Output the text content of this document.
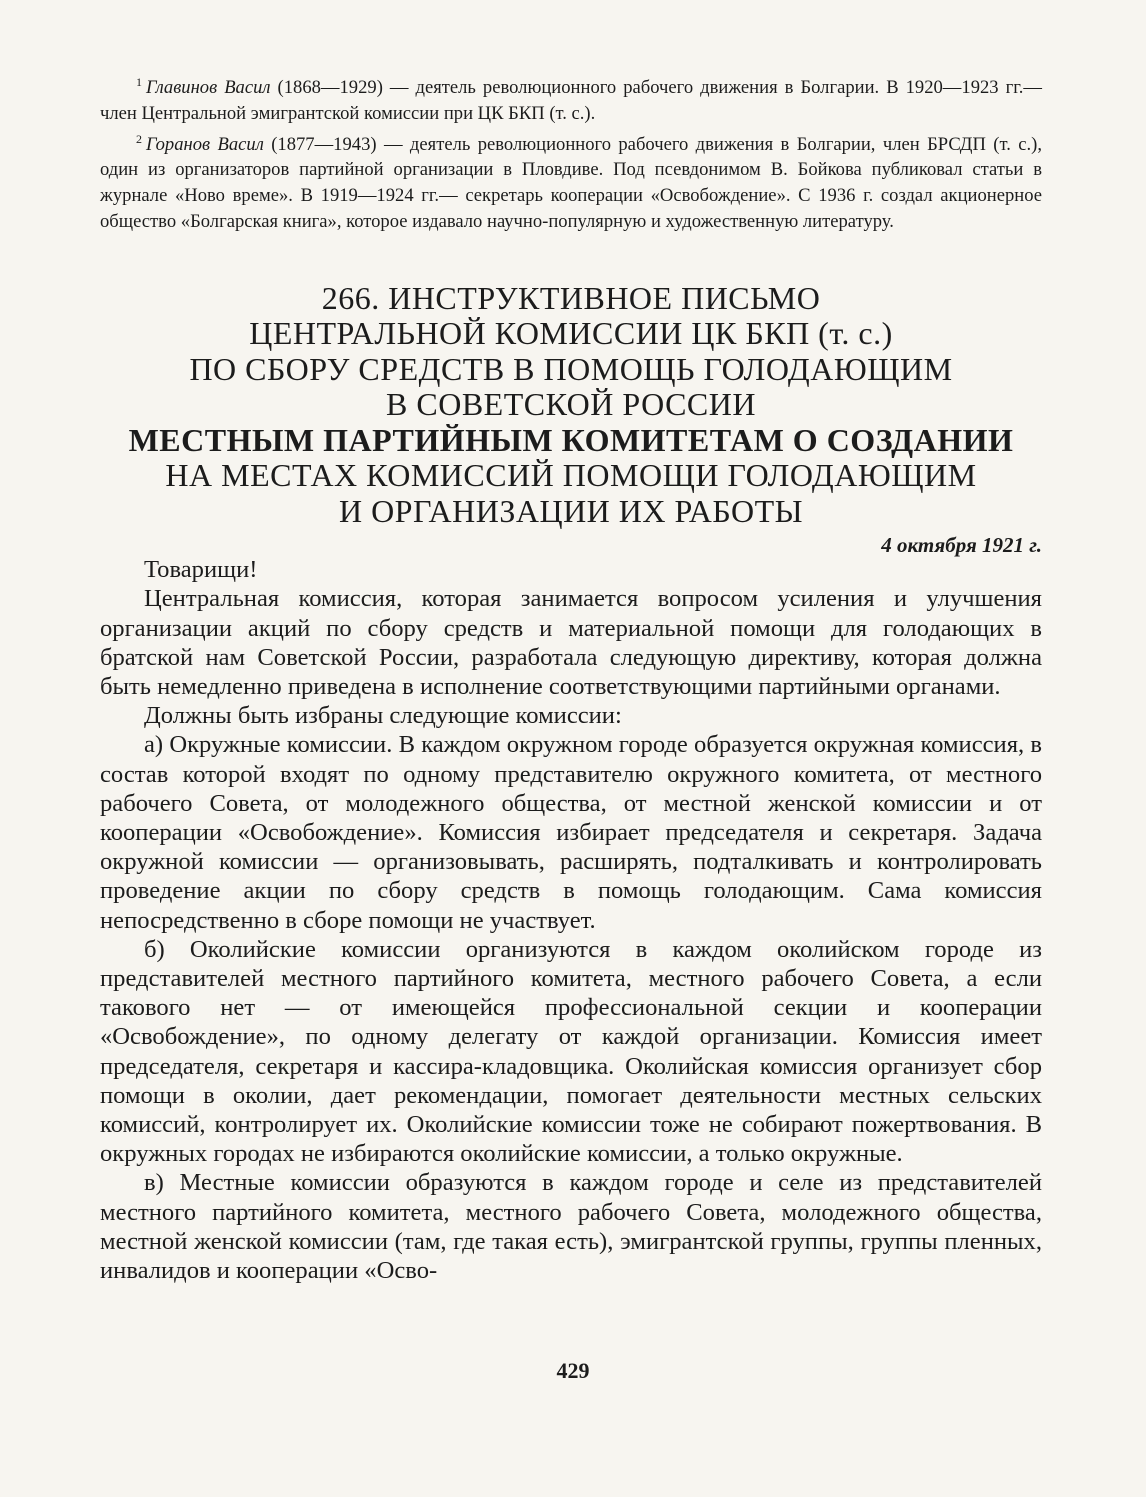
$^1$ Главинов Васил (1868—1929) — деятель революционного рабочего движения в Болгарии. В 1920—1923 гг.— член Центральной эмигрантской комиссии при ЦК БКП (т. с.).

$^2$ Горанов Васил (1877—1943) — деятель революционного рабочего движения в Болгарии, член БРСДП (т. с.), один из организаторов партийной организации в Пловдиве. Под псевдонимом В. Бойкова публиковал статьи в журнале «Ново време». В 1919—1924 гг.— секретарь кооперации «Освобождение». С 1936 г. создал акционерное общество «Болгарская книга», которое издавало научно-популярную и художественную литературу.

266. ИНСТРУКТИВНОЕ ПИСЬМО
ЦЕНТРАЛЬНОЙ КОМИССИИ ЦК БКП (т. с.)
ПО СБОРУ СРЕДСТВ В ПОМОЩЬ ГОЛОДАЮЩИМ
В СОВЕТСКОЙ РОССИИ
МЕСТНЫМ ПАРТИЙНЫМ КОМИТЕТАМ О СОЗДАНИИ
НА МЕСТАХ КОМИССИЙ ПОМОЩИ ГОЛОДАЮЩИМ
И ОРГАНИЗАЦИИ ИХ РАБОТЫ
4 октября 1921 г.

Товарищи!

Центральная комиссия, которая занимается вопросом усиления и улучшения организации акций по сбору средств и материальной помощи для голодающих в братской нам Советской России, разработала следующую директиву, которая должна быть немедленно приведена в исполнение соответствующими партийными органами.

Должны быть избраны следующие комиссии:

а) Окружные комиссии. В каждом окружном городе образуется окружная комиссия, в состав которой входят по одному представителю окружного комитета, от местного рабочего Совета, от молодежного общества, от местной женской комиссии и от кооперации «Освобождение». Комиссия избирает председателя и секретаря. Задача окружной комиссии — организовывать, расширять, подталкивать и контролировать проведение акции по сбору средств в помощь голодающим. Сама комиссия непосредственно в сборе помощи не участвует.

б) Околийские комиссии организуются в каждом околийском городе из представителей местного партийного комитета, местного рабочего Совета, а если такового нет — от имеющейся профессиональной секции и кооперации «Освобождение», по одному делегату от каждой организации. Комиссия имеет председателя, секретаря и кассира-кладовщика. Околийская комиссия организует сбор помощи в околии, дает рекомендации, помогает деятельности местных сельских комиссий, контролирует их. Околийские комиссии тоже не собирают пожертвования. В окружных городах не избираются околийские комиссии, а только окружные.

в) Местные комиссии образуются в каждом городе и селе из представителей местного партийного комитета, местного рабочего Совета, молодежного общества, местной женской комиссии (там, где такая есть), эмигрантской группы, группы пленных, инвалидов и кооперации «Осво-

429
